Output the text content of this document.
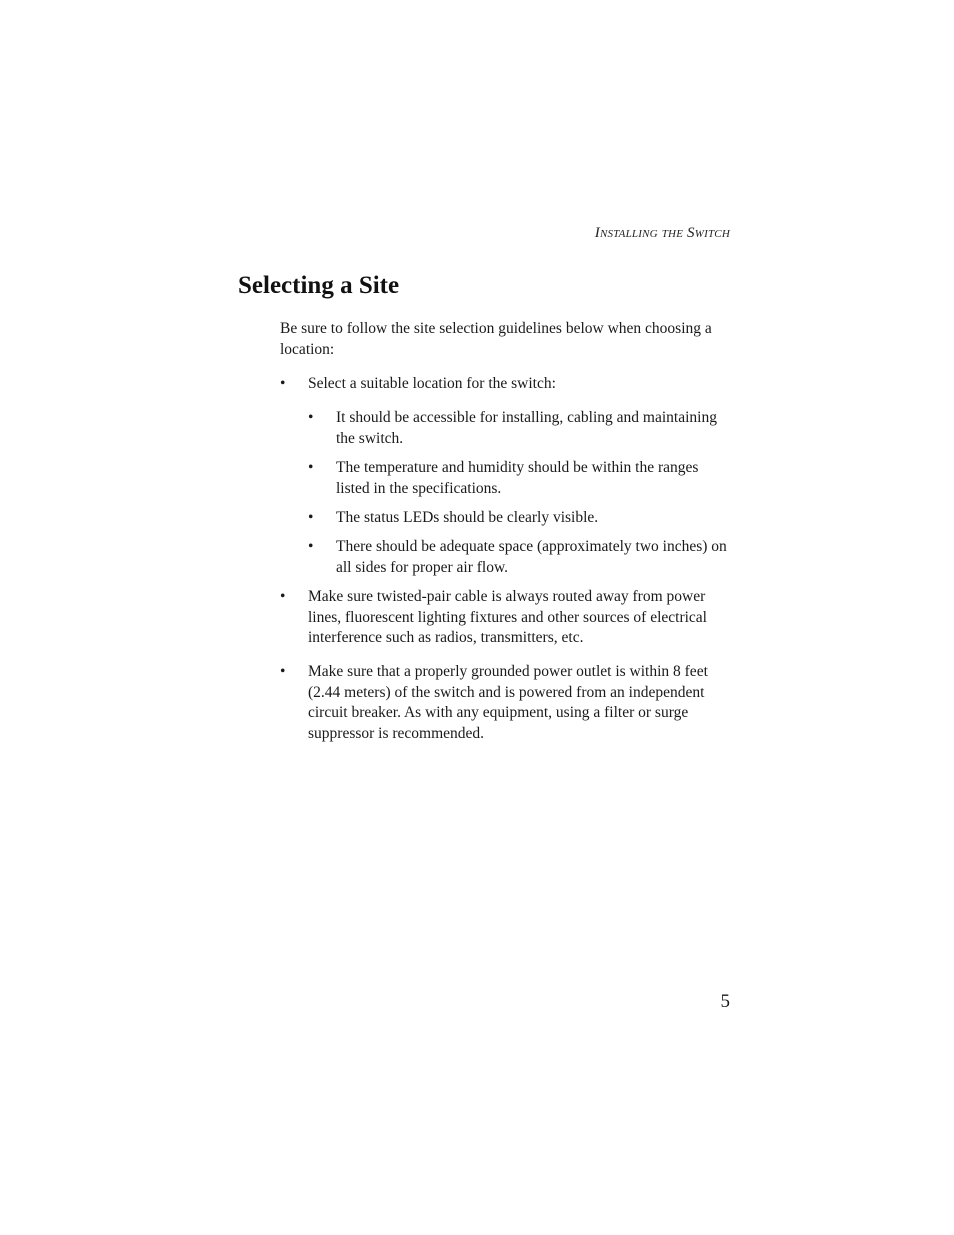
Installing the Switch
Selecting a Site

Be sure to follow the site selection guidelines below when choosing a location:

•	Select a suitable location for the switch:
•	It should be accessible for installing, cabling and maintaining the switch.
•	The temperature and humidity should be within the ranges listed in the specifications.
•	The status LEDs should be clearly visible.
•	There should be adequate space (approximately two inches) on all sides for proper air flow.
•	Make sure twisted-pair cable is always routed away from power lines, fluorescent lighting fixtures and other sources of electrical interference such as radios, transmitters, etc.
•	Make sure that a properly grounded power outlet is within 8 feet (2.44 meters) of the switch and is powered from an independent circuit breaker. As with any equipment, using a filter or surge suppressor is recommended.
5
